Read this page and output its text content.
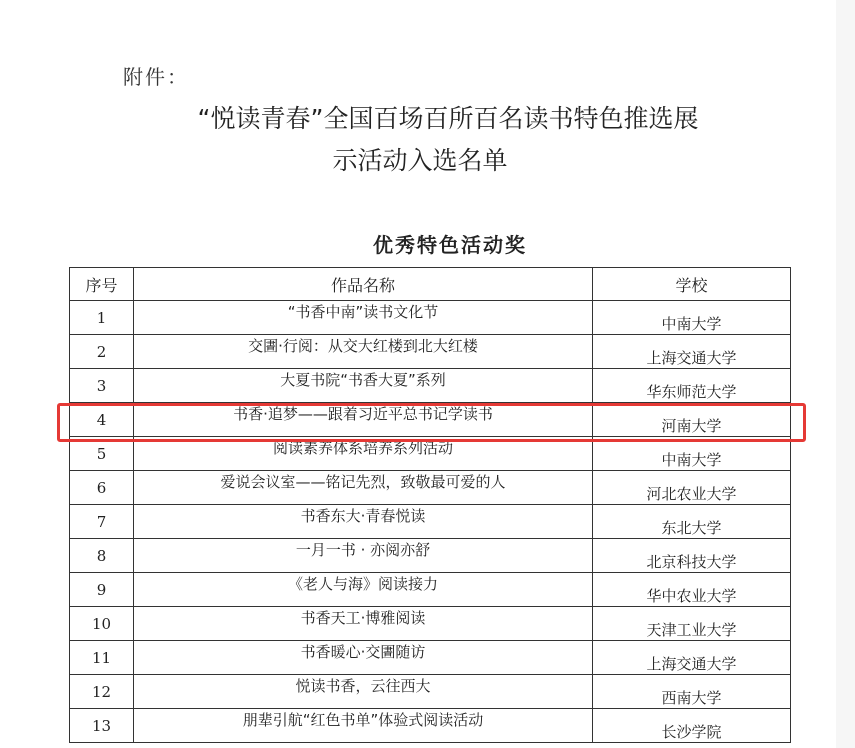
附件：
“悦读青春”全国百场百所百名读书特色推选展
示活动入选名单
优秀特色活动奖
序号	作品名称	学校
1	“书香中南”读书文化节	中南大学
2	交圕·行阅：从交大红楼到北大红楼	上海交通大学
3	大夏书院“书香大夏”系列	华东师范大学
4	书香·追梦——跟着习近平总书记学读书	河南大学
5	阅读素养体系培养系列活动	中南大学
6	爱说会议室——铭记先烈，致敬最可爱的人	河北农业大学
7	书香东大·青春悦读	东北大学
8	一月一书 · 亦阅亦舒	北京科技大学
9	《老人与海》阅读接力	华中农业大学
10	书香天工·博雅阅读	天津工业大学
11	书香暖心·交圕随访	上海交通大学
12	悦读书香，云往西大	西南大学
13	朋辈引航“红色书单”体验式阅读活动	长沙学院
